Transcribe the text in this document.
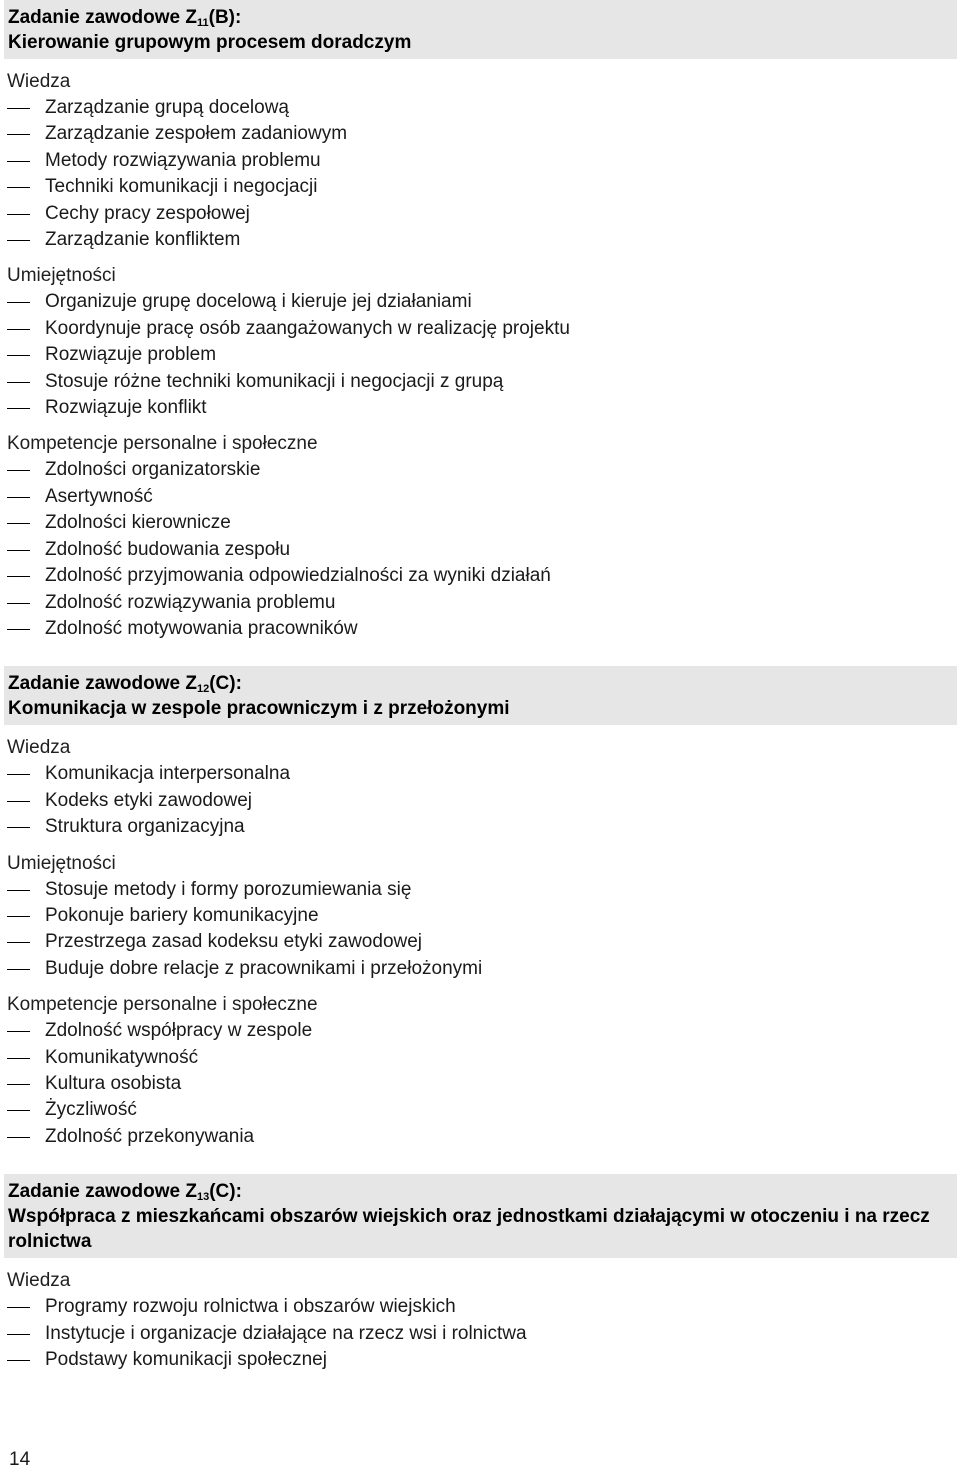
Zadanie zawodowe $Z_{11}(B)$:
Kierowanie grupowym procesem doradczym
Wiedza
Zarządzanie grupą docelową
Zarządzanie zespołem zadaniowym
Metody rozwiązywania problemu
Techniki komunikacji i negocjacji
Cechy pracy zespołowej
Zarządzanie konfliktem
Umiejętności
Organizuje grupę docelową i kieruje jej działaniami
Koordynuje pracę osób zaangażowanych w realizację projektu
Rozwiązuje problem
Stosuje różne techniki komunikacji i negocjacji z grupą
Rozwiązuje konflikt
Kompetencje personalne i społeczne
Zdolności organizatorskie
Asertywność
Zdolności kierownicze
Zdolność budowania zespołu
Zdolność przyjmowania odpowiedzialności za wyniki działań
Zdolność rozwiązywania problemu
Zdolność motywowania pracowników
Zadanie zawodowe $Z_{12}(C)$:
Komunikacja w zespole pracowniczym i z przełożonymi
Wiedza
Komunikacja interpersonalna
Kodeks etyki zawodowej
Struktura organizacyjna
Umiejętności
Stosuje metody i formy porozumiewania się
Pokonuje bariery komunikacyjne
Przestrzega zasad kodeksu etyki zawodowej
Buduje dobre relacje z pracownikami i przełożonymi
Kompetencje personalne i społeczne
Zdolność współpracy w zespole
Komunikatywność
Kultura osobista
Życzliwość
Zdolność przekonywania
Zadanie zawodowe $Z_{13}(C)$:
Współpraca z mieszkańcami obszarów wiejskich oraz jednostkami działającymi w otoczeniu i na rzecz rolnictwa
Wiedza
Programy rozwoju rolnictwa i obszarów wiejskich
Instytucje i organizacje działające na rzecz wsi i rolnictwa
Podstawy komunikacji społecznej
14
